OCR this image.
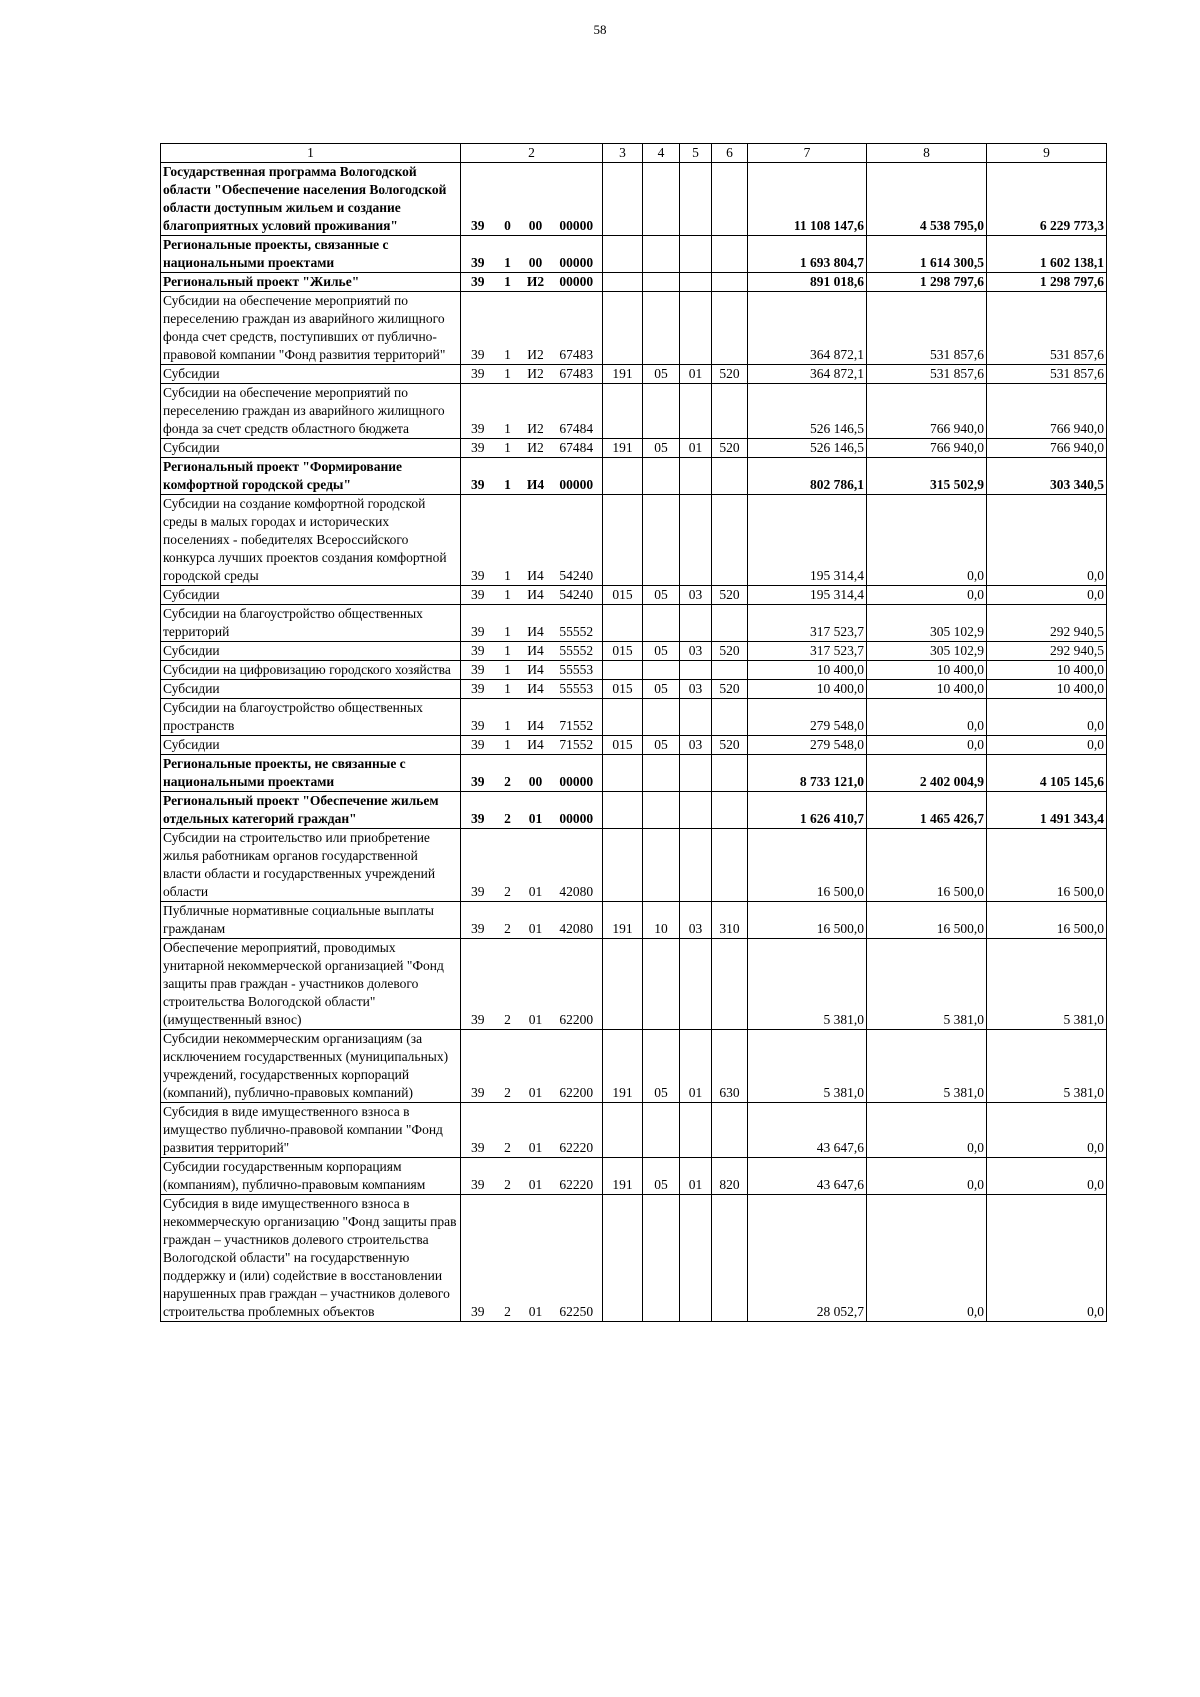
58
1	2				3	4	5	6	7	8	9
Государственная программа Вологодской области "Обеспечение населения Вологодской области доступным жильем и создание благоприятных условий проживания"	39	0	00	00000					11 108 147,6	4 538 795,0	6 229 773,3
Региональные проекты, связанные с национальными проектами	39	1	00	00000					1 693 804,7	1 614 300,5	1 602 138,1
Региональный проект "Жилье"	39	1	И2	00000					891 018,6	1 298 797,6	1 298 797,6
Субсидии на обеспечение мероприятий по переселению граждан из аварийного жилищного фонда счет средств, поступивших от публично-правовой компании "Фонд развития территорий"	39	1	И2	67483					364 872,1	531 857,6	531 857,6
Субсидии	39	1	И2	67483	191	05	01	520	364 872,1	531 857,6	531 857,6
Субсидии на обеспечение мероприятий по переселению граждан из аварийного жилищного фонда за счет средств областного бюджета	39	1	И2	67484					526 146,5	766 940,0	766 940,0
Субсидии	39	1	И2	67484	191	05	01	520	526 146,5	766 940,0	766 940,0
Региональный проект "Формирование комфортной городской среды"	39	1	И4	00000					802 786,1	315 502,9	303 340,5
Субсидии на создание комфортной городской среды в малых городах и исторических поселениях - победителях Всероссийского конкурса лучших проектов создания комфортной городской среды	39	1	И4	54240					195 314,4	0,0	0,0
Субсидии	39	1	И4	54240	015	05	03	520	195 314,4	0,0	0,0
Субсидии на благоустройство общественных территорий	39	1	И4	55552					317 523,7	305 102,9	292 940,5
Субсидии	39	1	И4	55552	015	05	03	520	317 523,7	305 102,9	292 940,5
Субсидии на цифровизацию городского хозяйства	39	1	И4	55553					10 400,0	10 400,0	10 400,0
Субсидии	39	1	И4	55553	015	05	03	520	10 400,0	10 400,0	10 400,0
Субсидии на благоустройство общественных пространств	39	1	И4	71552					279 548,0	0,0	0,0
Субсидии	39	1	И4	71552	015	05	03	520	279 548,0	0,0	0,0
Региональные проекты, не связанные с национальными проектами	39	2	00	00000					8 733 121,0	2 402 004,9	4 105 145,6
Региональный проект "Обеспечение жильем отдельных категорий граждан"	39	2	01	00000					1 626 410,7	1 465 426,7	1 491 343,4
Субсидии на строительство или приобретение жилья работникам органов государственной власти области и государственных учреждений области	39	2	01	42080					16 500,0	16 500,0	16 500,0
Публичные нормативные социальные выплаты гражданам	39	2	01	42080	191	10	03	310	16 500,0	16 500,0	16 500,0
Обеспечение мероприятий, проводимых унитарной некоммерческой организацией "Фонд защиты прав граждан - участников долевого строительства Вологодской области" (имущественный взнос)	39	2	01	62200					5 381,0	5 381,0	5 381,0
Субсидии некоммерческим организациям (за исключением государственных (муниципальных) учреждений, государственных корпораций (компаний), публично-правовых компаний)	39	2	01	62200	191	05	01	630	5 381,0	5 381,0	5 381,0
Субсидия в виде имущественного взноса в имущество публично-правовой компании "Фонд развития территорий"	39	2	01	62220					43 647,6	0,0	0,0
Субсидии государственным корпорациям (компаниям), публично-правовым компаниям	39	2	01	62220	191	05	01	820	43 647,6	0,0	0,0
Субсидия в виде имущественного взноса в некоммерческую организацию "Фонд защиты прав граждан – участников долевого строительства Вологодской области" на государственную поддержку и (или) содействие в восстановлении нарушенных прав граждан – участников долевого строительства проблемных объектов	39	2	01	62250					28 052,7	0,0	0,0
